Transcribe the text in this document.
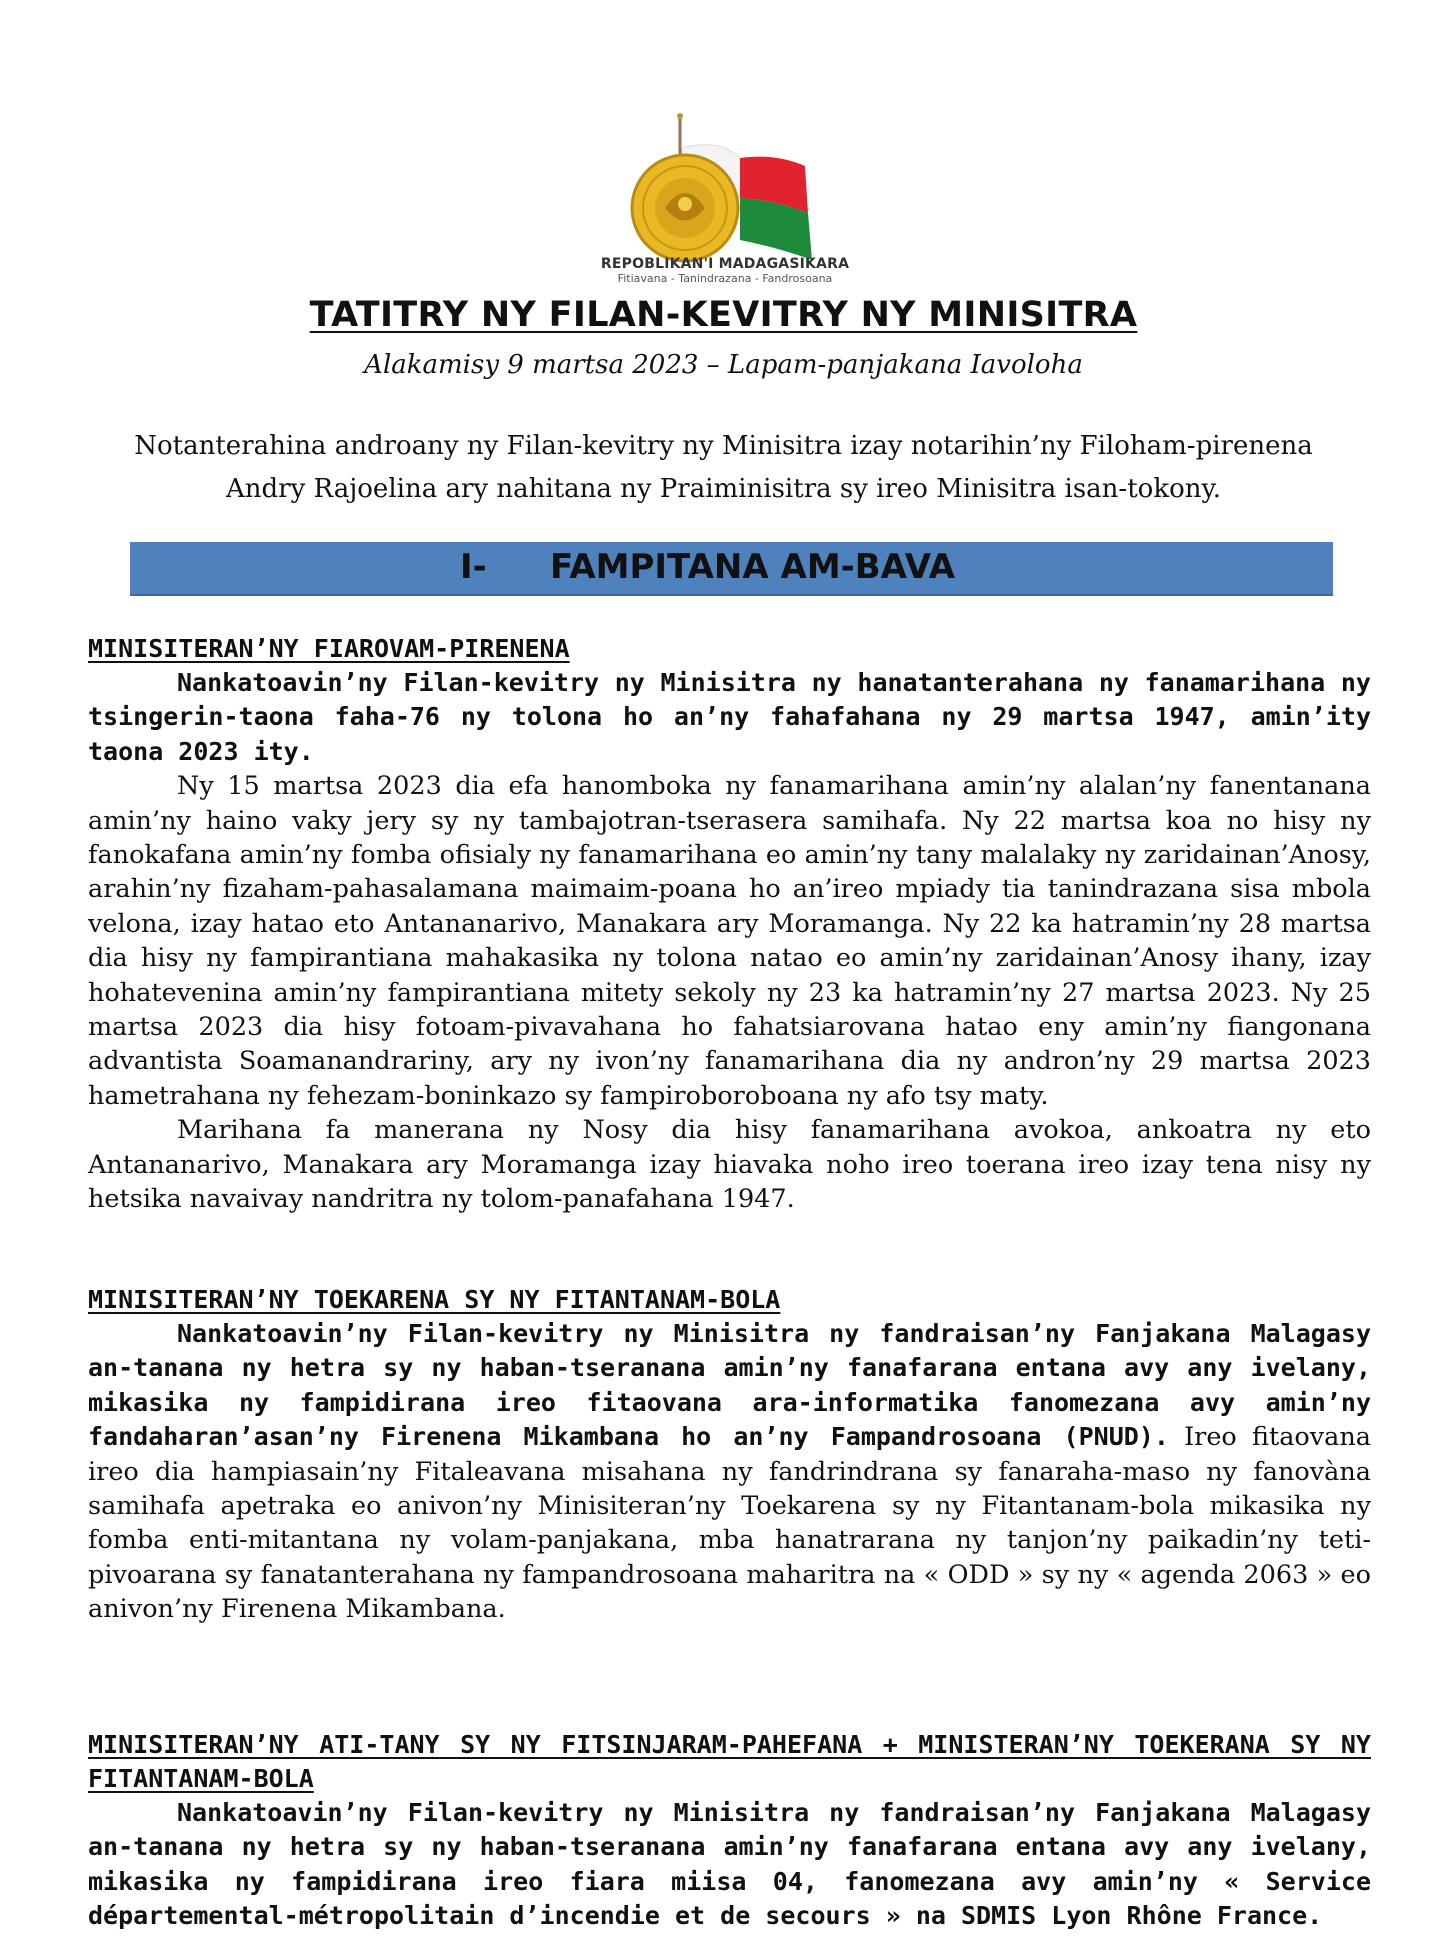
REPOBLIKAN'I MADAGASIKARA
Fitiavana - Tanindrazana - Fandrosoana
TATITRY NY FILAN-KEVITRY NY MINISITRA
Alakamisy 9 martsa 2023 – Lapam-panjakana Iavoloha
Notanterahina androany ny Filan-kevitry ny Minisitra izay notarihin’ny Filoham-pirenena Andry Rajoelina ary nahitana ny Praiminisitra sy ireo Minisitra isan-tokony.
I- FAMPITANA AM-BAVA
MINISITERAN’NY FIAROVAM-PIRENENA

Nankatoavin’ny Filan-kevitry ny Minisitra ny hanatanterahana ny fanamarihana ny tsingerin-taona faha-76 ny tolona ho an’ny fahafahana ny 29 martsa 1947, amin’ity taona 2023 ity.

Ny 15 martsa 2023 dia efa hanomboka ny fanamarihana amin’ny alalan’ny fanentanana amin’ny haino vaky jery sy ny tambajotran-tserasera samihafa. Ny 22 martsa koa no hisy ny fanokafana amin’ny fomba ofisialy ny fanamarihana eo amin’ny tany malalaky ny zaridainan’Anosy, arahin’ny fizaham-pahasalamana maimaim-poana ho an’ireo mpiady tia tanindrazana sisa mbola velona, izay hatao eto Antananarivo, Manakara ary Moramanga. Ny 22 ka hatramin’ny 28 martsa dia hisy ny fampirantiana mahakasika ny tolona natao eo amin’ny zaridainan’Anosy ihany, izay hohatevenina amin’ny fampirantiana mitety sekoly ny 23 ka hatramin’ny 27 martsa 2023. Ny 25 martsa 2023 dia hisy fotoam-pivavahana ho fahatsiarovana hatao eny amin’ny fiangonana advantista Soamanandrariny, ary ny ivon’ny fanamarihana dia ny andron’ny 29 martsa 2023 hametrahana ny fehezam-boninkazo sy fampiroboroboana ny afo tsy maty.

Marihana fa manerana ny Nosy dia hisy fanamarihana avokoa, ankoatra ny eto Antananarivo, Manakara ary Moramanga izay hiavaka noho ireo toerana ireo izay tena nisy ny hetsika navaivay nandritra ny tolom-panafahana 1947.

MINISITERAN’NY TOEKARENA SY NY FITANTANAM-BOLA

Nankatoavin’ny Filan-kevitry ny Minisitra ny fandraisan’ny Fanjakana Malagasy an-tanana ny hetra sy ny haban-tseranana amin’ny fanafarana entana avy any ivelany, mikasika ny fampidirana ireo fitaovana ara-informatika fanomezana avy amin’ny fandaharan’asan’ny Firenena Mikambana ho an’ny Fampandrosoana (PNUD). Ireo fitaovana ireo dia hampiasain’ny Fitaleavana misahana ny fandrindrana sy fanaraha-maso ny fanovàna samihafa apetraka eo anivon’ny Minisiteran’ny Toekarena sy ny Fitantanam-bola mikasika ny fomba enti-mitantana ny volam-panjakana, mba hanatrarana ny tanjon’ny paikadin’ny teti-pivoarana sy fanatanterahana ny fampandrosoana maharitra na « ODD » sy ny « agenda 2063 » eo anivon’ny Firenena Mikambana.

MINISITERAN’NY ATI-TANY SY NY FITSINJARAM-PAHEFANA + MINISTERAN’NY TOEKERANA SY NY FITANTANAM-BOLA

Nankatoavin’ny Filan-kevitry ny Minisitra ny fandraisan’ny Fanjakana Malagasy an-tanana ny hetra sy ny haban-tseranana amin’ny fanafarana entana avy any ivelany, mikasika ny fampidirana ireo fiara miisa 04, fanomezana avy amin’ny « Service départemental-métropolitain d’incendie et de secours » na SDMIS Lyon Rhône France.
